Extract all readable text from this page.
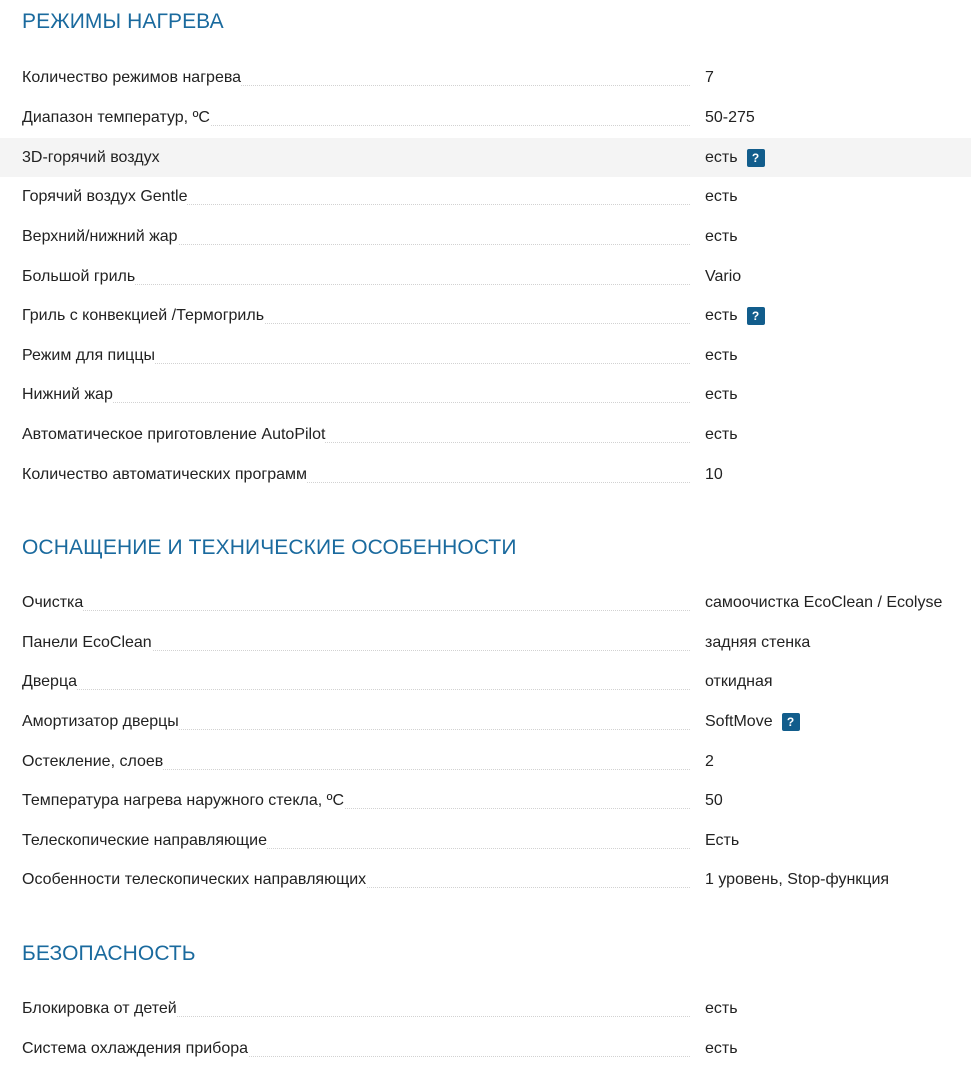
РЕЖИМЫ НАГРЕВА
Количество режимов нагрева	7
Диапазон температур, ºC	50-275
3D-горячий воздух	есть	?
Горячий воздух Gentle	есть
Верхний/нижний жар	есть
Большой гриль	Vario
Гриль с конвекцией /Термогриль	есть	?
Режим для пиццы	есть
Нижний жар	есть
Автоматическое приготовление AutoPilot	есть
Количество автоматических программ	10
ОСНАЩЕНИЕ И ТЕХНИЧЕСКИЕ ОСОБЕННОСТИ
Очистка	самоочистка EcoClean / Ecolyse
Панели EcoClean	задняя стенка
Дверца	откидная
Амортизатор дверцы	SoftMove	?
Остекление, слоев	2
Температура нагрева наружного стекла, ºC	50
Телескопические направляющие	Есть
Особенности телескопических направляющих	1 уровень, Stop-функция
БЕЗОПАСНОСТЬ
Блокировка от детей	есть
Система охлаждения прибора	есть
